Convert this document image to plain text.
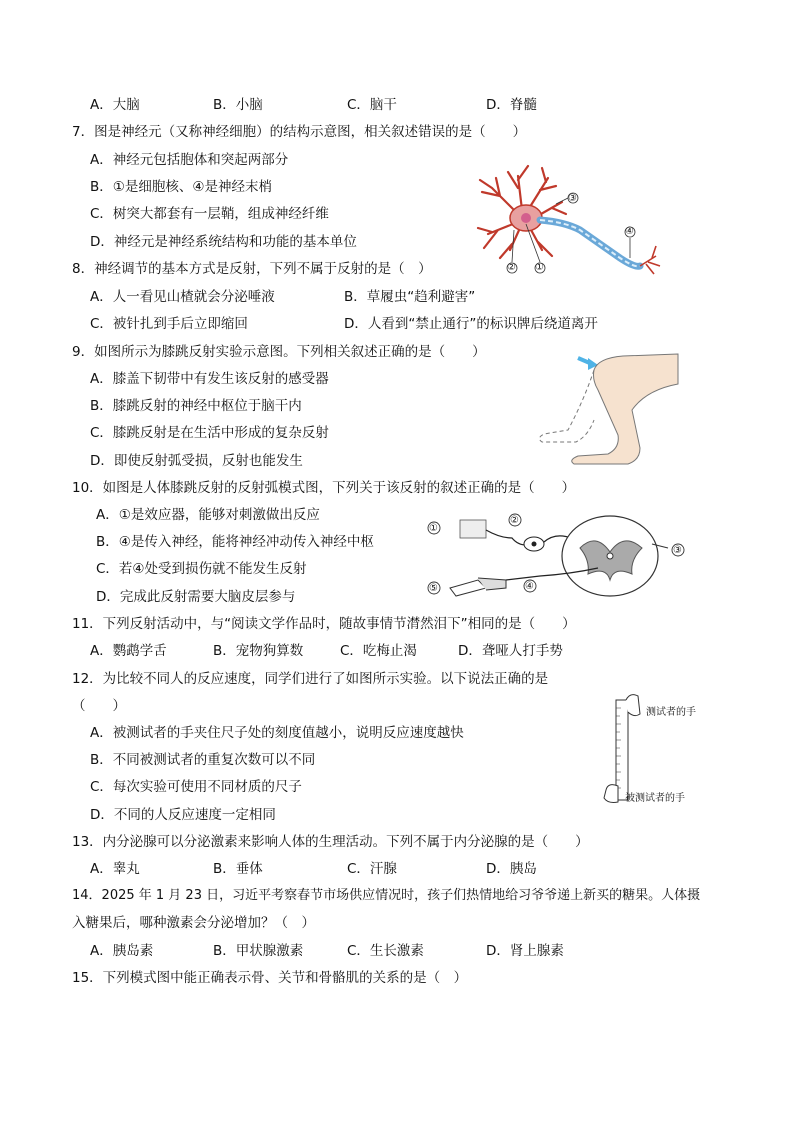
A．大脑	B．小脑	C．脑干	D．脊髓
7．图是神经元（又称神经细胞）的结构示意图，相关叙述错误的是（　　）
A．神经元包括胞体和突起两部分
B．①是细胞核、④是神经末梢
C．树突大都套有一层鞘，组成神经纤维
D．神经元是神经系统结构和功能的基本单位
③
④
② ①
8．神经调节的基本方式是反射，下列不属于反射的是（　）
A．人一看见山楂就会分泌唾液	B．草履虫“趋利避害”
C．被针扎到手后立即缩回	D．人看到“禁止通行”的标识牌后绕道离开
9．如图所示为膝跳反射实验示意图。下列相关叙述正确的是（　　）
A．膝盖下韧带中有发生该反射的感受器
B．膝跳反射的神经中枢位于脑干内
C．膝跳反射是在生活中形成的复杂反射
D．即使反射弧受损，反射也能发生
10．如图是人体膝跳反射的反射弧模式图，下列关于该反射的叙述正确的是（　　）
A．①是效应器，能够对刺激做出反应
B．④是传入神经，能将神经冲动传入神经中枢
C．若④处受到损伤就不能发生反射
D．完成此反射需要大脑皮层参与
①
②
③
④
⑤
11．下列反射活动中，与“阅读文学作品时，随故事情节潸然泪下”相同的是（　　）
A．鹦鹉学舌	B．宠物狗算数	C．吃梅止渴	D．聋哑人打手势
12．为比较不同人的反应速度，同学们进行了如图所示实验。以下说法正确的是
（　　）
A．被测试者的手夹住尺子处的刻度值越小，说明反应速度越快
B．不同被测试者的重复次数可以不同
C．每次实验可使用不同材质的尺子
D．不同的人反应速度一定相同
测试者的手
被测试者的手
13．内分泌腺可以分泌激素来影响人体的生理活动。下列不属于内分泌腺的是（　　）
A．睾丸	B．垂体	C．汗腺	D．胰岛
14．2025 年 1 月 23 日，习近平考察春节市场供应情况时，孩子们热情地给习爷爷递上新买的糖果。人体摄
入糖果后，哪种激素会分泌增加？（　）
A．胰岛素	B．甲状腺激素	C．生长激素	D．肾上腺素
15．下列模式图中能正确表示骨、关节和骨骼肌的关系的是（　）
